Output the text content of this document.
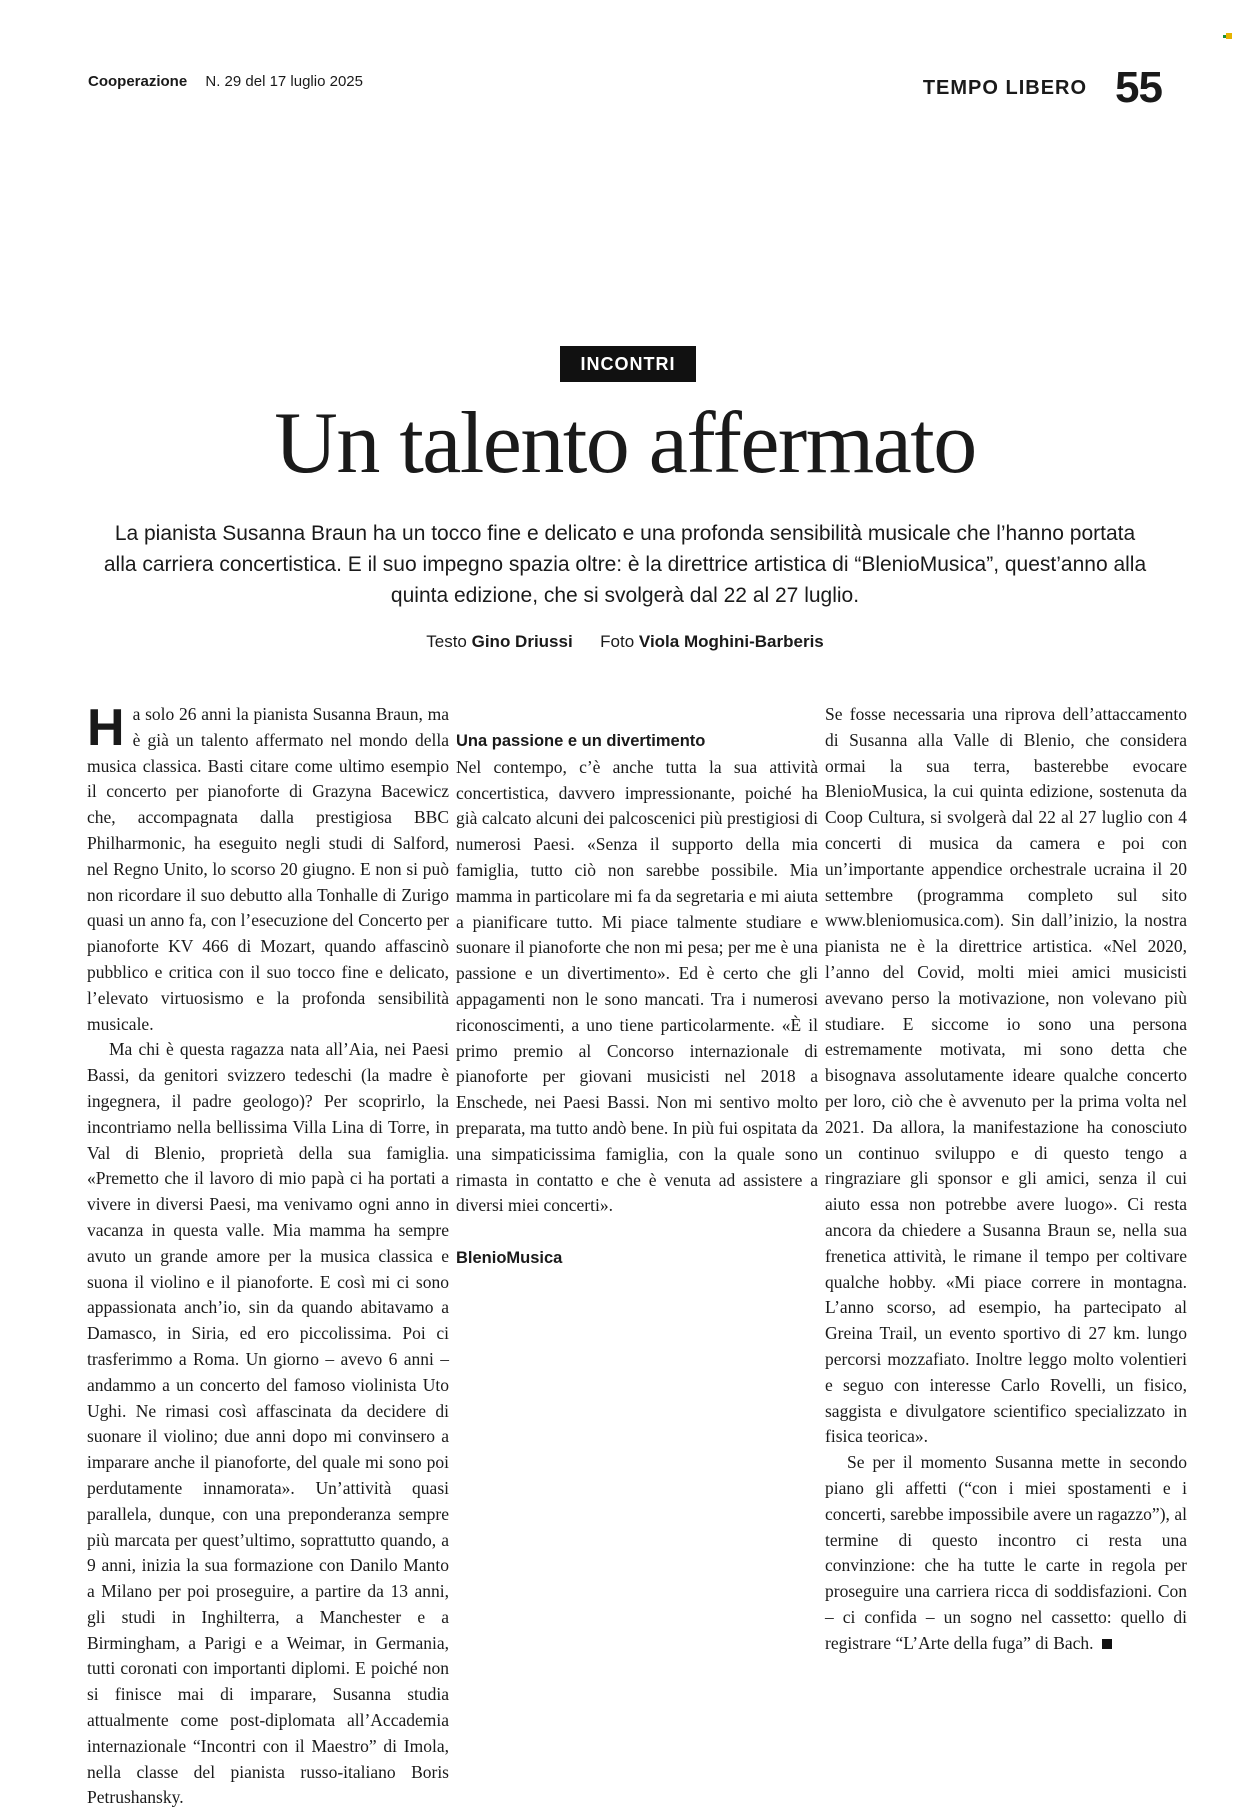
Cooperazione N. 29 del 17 luglio 2025	TEMPO LIBERO 55
INCONTRI
Un talento affermato
La pianista Susanna Braun ha un tocco fine e delicato e una profonda sensibilità musicale che l’hanno portata alla carriera concertistica. E il suo impegno spazia oltre: è la direttrice artistica di “BlenioMusica”, quest’anno alla quinta edizione, che si svolgerà dal 22 al 27 luglio.
Testo Gino Driussi Foto Viola Moghini-Barberis

Ha solo 26 anni la pianista Susanna Braun, ma è già un talento affermato nel mondo della musica classica. Basti citare come ultimo esempio il concerto per pianoforte di Grazyna Bacewicz che, accompagnata dalla prestigiosa BBC Philharmonic, ha eseguito negli studi di Salford, nel Regno Unito, lo scorso 20 giugno. E non si può non ricordare il suo debutto alla Tonhalle di Zurigo quasi un anno fa, con l’esecuzione del Concerto per pianoforte KV 466 di Mozart, quando affascinò pubblico e critica con il suo tocco fine e delicato, l’elevato virtuosismo e la profonda sensibilità musicale.

Ma chi è questa ragazza nata all’Aia, nei Paesi Bassi, da genitori svizzero tedeschi (la madre è ingegnera, il padre geologo)? Per scoprirlo, la incontriamo nella bellissima Villa Lina di Torre, in Val di Blenio, proprietà della sua famiglia. «Premetto che il lavoro di mio papà ci ha portati a vivere in diversi Paesi, ma venivamo ogni anno in vacanza in questa valle. Mia mamma ha sempre avuto un grande amore per la musica classica e suona il violino e il pianoforte. E così mi ci sono appassionata anch’io, sin da quando abitavamo a Damasco, in Siria, ed ero piccolissima. Poi ci trasferimmo a Roma. Un giorno – avevo 6 anni – andammo a un concerto del famoso violinista Uto Ughi. Ne rimasi così affascinata da decidere di suonare il violino; due anni dopo mi convinsero a imparare anche il pianoforte, del quale mi sono poi perdutamente innamorata». Un’attività quasi parallela, dunque, con una preponderanza sempre più marcata per quest’ultimo, soprattutto quando, a 9 anni, inizia la sua formazione con Danilo Manto a Milano per poi proseguire, a partire da 13 anni, gli studi in Inghilterra, a Manchester e a Birmingham, a Parigi e a Weimar, in Germania, tutti coronati con importanti diplomi. E poiché non si finisce mai di imparare, Susanna studia attualmente come post-diplomata all’Accademia internazionale “Incontri con il Maestro” di Imola, nella classe del pianista russo-italiano Boris Petrushansky.

Una passione e un divertimento

Nel contempo, c’è anche tutta la sua attività concertistica, davvero impressionante, poiché ha già calcato alcuni dei palcoscenici più prestigiosi di numerosi Paesi. «Senza il supporto della mia famiglia, tutto ciò non sarebbe possibile. Mia mamma in particolare mi fa da segretaria e mi aiuta a pianificare tutto. Mi piace talmente studiare e suonare il pianoforte che non mi pesa; per me è una passione e un divertimento». Ed è certo che gli appagamenti non le sono mancati. Tra i numerosi riconoscimenti, a uno tiene particolarmente. «È il primo premio al Concorso internazionale di pianoforte per giovani musicisti nel 2018 a Enschede, nei Paesi Bassi. Non mi sentivo molto preparata, ma tutto andò bene. In più fui ospitata da una simpaticissima famiglia, con la quale sono rimasta in contatto e che è venuta ad assistere a diversi miei concerti».

BlenioMusica

Se fosse necessaria una riprova dell’attaccamento di Susanna alla Valle di Blenio, che considera ormai la sua terra, basterebbe evocare BlenioMusica, la cui quinta edizione, sostenuta da Coop Cultura, si svolgerà dal 22 al 27 luglio con 4 concerti di musica da camera e poi con un’importante appendice orchestrale ucraina il 20 settembre (programma completo sul sito www.bleniomusica.com). Sin dall’inizio, la nostra pianista ne è la direttrice artistica. «Nel 2020, l’anno del Covid, molti miei amici musicisti avevano perso la motivazione, non volevano più studiare. E siccome io sono una persona estremamente motivata, mi sono detta che bisognava assolutamente ideare qualche concerto per loro, ciò che è avvenuto per la prima volta nel 2021. Da allora, la manifestazione ha conosciuto un continuo sviluppo e di questo tengo a ringraziare gli sponsor e gli amici, senza il cui aiuto essa non potrebbe avere luogo». Ci resta ancora da chiedere a Susanna Braun se, nella sua frenetica attività, le rimane il tempo per coltivare qualche hobby. «Mi piace correre in montagna. L’anno scorso, ad esempio, ha partecipato al Greina Trail, un evento sportivo di 27 km. lungo percorsi mozzafiato. Inoltre leggo molto volentieri e seguo con interesse Carlo Rovelli, un fisico, saggista e divulgatore scientifico specializzato in fisica teorica».

Se per il momento Susanna mette in secondo piano gli affetti (“con i miei spostamenti e i concerti, sarebbe impossibile avere un ragazzo”), al termine di questo incontro ci resta una convinzione: che ha tutte le carte in regola per proseguire una carriera ricca di soddisfazioni. Con – ci confida – un sogno nel cassetto: quello di registrare “L’Arte della fuga” di Bach.
